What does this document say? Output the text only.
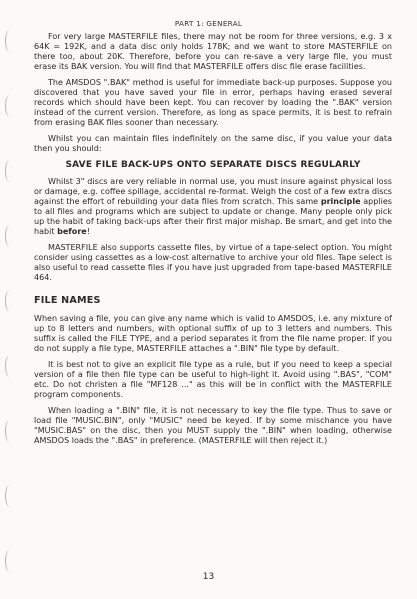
PART 1: GENERAL

For very large MASTERFILE files, there may not be room for three versions, e.g. 3 x 64K = 192K, and a data disc only holds 178K; and we want to store MASTERFILE on there too, about 20K. Therefore, before you can re-save a very large file, you must erase its BAK version. You will find that MASTERFILE offers disc file erase facilities.

The AMSDOS ".BAK" method is useful for immediate back-up purposes. Suppose you discovered that you have saved your file in error, perhaps having erased several records which should have been kept. You can recover by loading the ".BAK" version instead of the current version. Therefore, as long as space permits, it is best to refrain from erasing BAK files sooner than necessary.

Whilst you can maintain files indefinitely on the same disc, if you value your data then you should:

SAVE FILE BACK-UPS ONTO SEPARATE DISCS REGULARLY

Whilst 3" discs are very reliable in normal use, you must insure against physical loss or damage, e.g. coffee spillage, accidental re-format. Weigh the cost of a few extra discs against the effort of rebuilding your data files from scratch. This same principle applies to all files and programs which are subject to update or change. Many people only pick up the habit of taking back-ups after their first major mishap. Be smart, and get into the habit before!

MASTERFILE also supports cassette files, by virtue of a tape-select option. You might consider using cassettes as a low-cost alternative to archive your old files. Tape select is also useful to read cassette files if you have just upgraded from tape-based MASTERFILE 464.

FILE NAMES

When saving a file, you can give any name which is valid to AMSDOS, i.e. any mixture of up to 8 letters and numbers, with optional suffix of up to 3 letters and numbers. This suffix is called the FILE TYPE, and a period separates it from the file name proper. If you do not supply a file type, MASTERFILE attaches a ".BIN" file type by default.

It is best not to give an explicit file type as a rule, but if you need to keep a special version of a file then file type can be useful to high-light it. Avoid using ".BAS", "COM" etc. Do not christen a file "MF128 ..." as this will be in conflict with the MASTERFILE program components.

When loading a ".BIN" file, it is not necessary to key the file type. Thus to save or load file "MUSIC.BIN", only "MUSIC" need be keyed. If by some mischance you have "MUSIC.BAS" on the disc, then you MUST supply the ".BIN" when loading, otherwise AMSDOS loads the ".BAS" in preference. (MASTERFILE will then reject it.)

13
